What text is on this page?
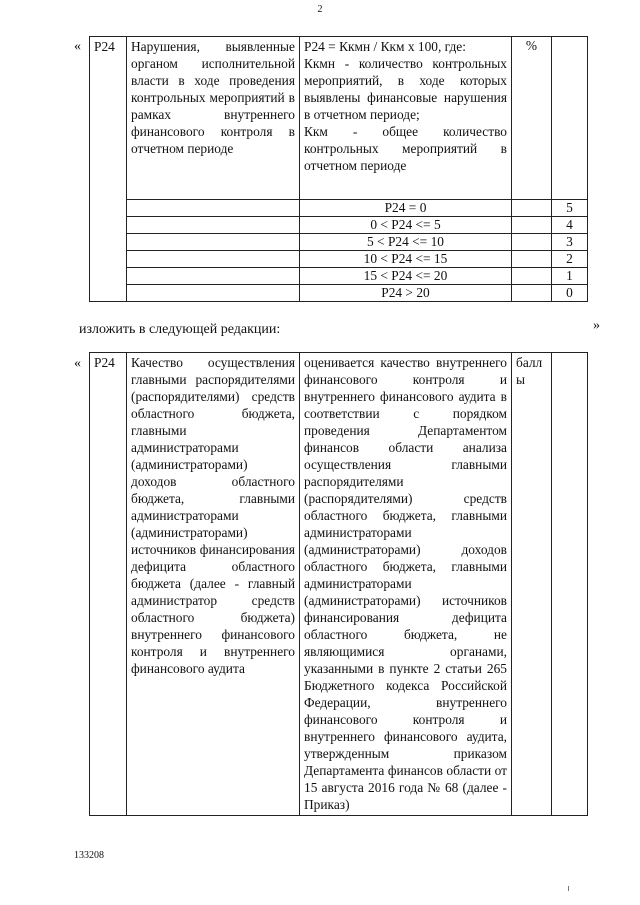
2
«
»
Р24	Нарушения, выявленные органом исполнительной власти в ходе проведения контрольных мероприятий в рамках внутреннего финансового контроля в отчетном периоде	Р24 = Ккмн / Ккм х 100, где:
Ккмн - количество контрольных мероприятий, в ходе которых выявлены финансовые нарушения в отчетном периоде;
Ккм - общее количество контрольных мероприятий в отчетном периоде	%	
		Р24 = 0		5
		0 < Р24 <= 5		4
		5 < Р24 <= 10		3
		10 < Р24 <= 15		2
		15 < Р24 <= 20		1
		Р24 > 20		0
изложить в следующей редакции:
« Р24	Качество осуществления главными распорядителями (распорядителями) средств областного бюджета, главными администраторами (администраторами) доходов областного бюджета, главными администраторами (администраторами) источников финансирования дефицита областного бюджета (далее - главный администратор средств областного бюджета) внутреннего финансового контроля и внутреннего финансового аудита	оценивается качество внутреннего финансового контроля и внутреннего финансового аудита в соответствии с порядком проведения Департаментом финансов области анализа осуществления главными распорядителями (распорядителями) средств областного бюджета, главными администраторами (администраторами) доходов областного бюджета, главными администраторами (администраторами) источников финансирования дефицита областного бюджета, не являющимися органами, указанными в пункте 2 статьи 265 Бюджетного кодекса Российской Федерации, внутреннего финансового контроля и внутреннего финансового аудита, утвержденным приказом Департамента финансов области от 15 августа 2016 года № 68 (далее - Приказ)	баллы	
133208
